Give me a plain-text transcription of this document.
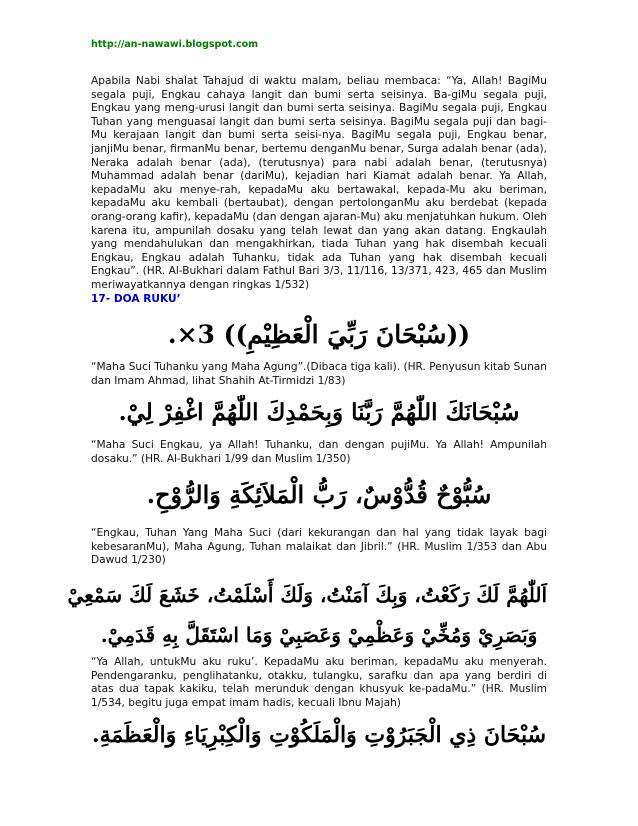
http://an-nawawi.blogspot.com

Apabila Nabi shalat Tahajud di waktu malam, beliau membaca: “Ya, Allah! BagiMu segala puji, Engkau cahaya langit dan bumi serta seisinya. Ba-giMu segala puji, Engkau yang meng-urusi langit dan bumi serta seisinya. BagiMu segala puji, Engkau Tuhan yang menguasai langit dan bumi serta seisinya. BagiMu segala puji dan bagi-Mu kerajaan langit dan bumi serta seisi-nya. BagiMu segala puji, Engkau benar, janjiMu benar, firmanMu benar, bertemu denganMu benar, Surga adalah benar (ada), Neraka adalah benar (ada), (terutusnya) para nabi adalah benar, (terutusnya) Muhammad adalah benar (dariMu), kejadian hari Kiamat adalah benar. Ya Allah, kepadaMu aku menye-rah, kepadaMu aku bertawakal, kepada-Mu aku beriman, kepadaMu aku kembali (bertaubat), dengan pertolonganMu aku berdebat (kepada orang-orang kafir), kepadaMu (dan dengan ajaran-Mu) aku menjatuhkan hukum. Oleh karena itu, ampunilah dosaku yang telah lewat dan yang akan datang. Engkaulah yang mendahulukan dan mengakhirkan, tiada Tuhan yang hak disembah kecuali Engkau, Engkau adalah Tuhanku, tidak ada Tuhan yang hak disembah kecuali Engkau”. (HR. Al-Bukhari dalam Fathul Bari 3/3, 11/116, 13/371, 423, 465 dan Muslim meriwayatkannya dengan ringkas 1/532)

17- DOA RUKU’
((سُبْحَانَ رَبِّيَ الْعَظِيْمِ)) 3×.

“Maha Suci Tuhanku yang Maha Agung”.(Dibaca tiga kali). (HR. Penyusun kitab Sunan dan Imam Ahmad, lihat Shahih At-Tirmidzi 1/83)

سُبْحَانَكَ اللّٰهُمَّ رَبَّنَا وَبِحَمْدِكَ اللّٰهُمَّ اغْفِرْ لِيْ.

“Maha Suci Engkau, ya Allah! Tuhanku, dan dengan pujiMu. Ya Allah! Ampunilah dosaku.” (HR. Al-Bukhari 1/99 dan Muslim 1/350)

سُبُّوْحٌ قُدُّوْسٌ، رَبُّ الْمَلاَئِكَةِ وَالرُّوْحِ.

“Engkau, Tuhan Yang Maha Suci (dari kekurangan dan hal yang tidak layak bagi kebesaranMu), Maha Agung, Tuhan malaikat dan Jibril.” (HR. Muslim 1/353 dan Abu Dawud 1/230)

اَللّٰهُمَّ لَكَ رَكَعْتُ، وَبِكَ آمَنْتُ، وَلَكَ أَسْلَمْتُ، خَشَعَ لَكَ سَمْعِيْ
وَبَصَرِيْ وَمُخِّيْ وَعَظْمِيْ وَعَصَبِيْ وَمَا اسْتَقَلَّ بِهِ قَدَمِيْ.

“Ya Allah, untukMu aku ruku’. KepadaMu aku beriman, kepadaMu aku menyerah. Pendengaranku, penglihatanku, otakku, tulangku, sarafku dan apa yang berdiri di atas dua tapak kakiku, telah merunduk dengan khusyuk ke-padaMu.” (HR. Muslim 1/534, begitu juga empat imam hadis, kecuali Ibnu Majah)

سُبْحَانَ ذِي الْجَبَرُوْتِ وَالْمَلَكُوْتِ وَالْكِبْرِيَاءِ وَالْعَظَمَةِ.
